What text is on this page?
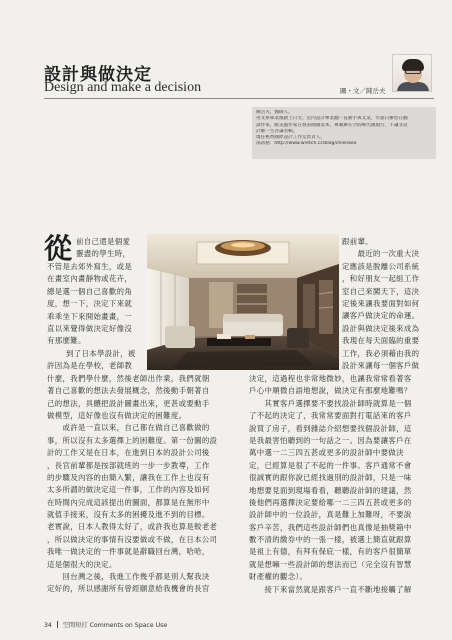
設計與做決定
Design and make a decision	圖・文／陳岳夫
陳岳夫，醫師人。
英文系畢業後踏上日文、室內設計專業翻一直動手與文業，年旅日辦您在翻
譯作家，歐美風作家在發表國國基本，專載舞在空間專出國現行，不讓非設
計師一生評論者輯。
現任桃香國際設計工作室負責人。
部落格：http://www.wretch.cc/blog/chienkeo
從 前自己還是個愛
靈盡的學生時，
不管是去郊外寫生，或是
在畫室內畫靜物或花卉，
總是選一個自己喜歡的角
度，想一下，決定下來就
乖乖坐下來開始畫畫，一
直以來覺得做決定好像沒
有那麼難。
到了日本學設計，被
許因為是在學校，老師教
什麼，我們學什麼，然後老師出作業，我們就朝
著自己喜歡的想法去發展概念，然後動手朝著自
己的想法，具體把設計圖畫出來，更甚或要動手
做模型，這好像也沒有做決定的困難度。
　　或許是一直以來，自己都在做自己喜歡做的
事，所以沒有太多選擇上的困難度。第一份圖的設
計的工作又是在日本，在進到日本的設計公司後
，長官前輩都是按部就班的一步一步教導，工作
的步驟及內容的由簡入繁，讓我在工作上也沒有
太多所謂的做決定這一件事，工作的內容及如何
在時間內完成這該提出的圖面，都算是在無形中
就值手接來，沒有太多的困擾及進不到的目標。
老實說，日本人教得太好了，或許我也算是較老老
，所以做決定的事情有沒要做或不做，在日本公司
我唯一做決定的一件事就是辭職回台灣，哈哈，
這是個很大的決定。
　　回台灣之後，我進工作幾乎都是別人幫我決
定好的，所以感謝所有曾經願意給我機會的長官
跟前輩。
　　最近的一次重大決
定應該是脫離公司系統
，和好朋友一起組工作
室自己來闖天下，這決
定後來讓我要面對如何
讓客戶做決定的命運。
設計與做決定後來成為
我現在每天面臨的重要
工作，我必須藉由我的
設計來讓每一個客戶做
決定，這過程也非常地微妙，也讓我常常看著客
戶心中順微自語地想說，做決定有那麼地難嗎？
　　其實客戶選擇要不要找設計師時就算是一個
了不起的決定了，我常常要面對打電話來的客戶
說買了房子，看到雜誌介紹想要找個設計師，這
是我最害怕聽到的一句話之一。因為要讓客戶在
萬中選一二三四五甚或更多的設計師中要做決
定，已經算是很了不起的一件事。客戶通常不會
很誠實的跟你說已經找過別的設計師，只是一味
地想要見面到現場看看，聽聽設計師的建議，然
後他們再選擇決定要給哪一二三四五甚或更多的
設計師中的一位設計，真是難上加難呀，不要說
客戶辛苦，我們這些設計師們也真像是抽獎箱中
數不清的繳券中的一張一樣，被選上簡直就跟算
是祖上有德，有拜有保庇一樣，有的客戶很簡單
就是想嘛一些設計師的想法而已（完全沒有智慧
財產權的觀念）。
　　接下來當然就是跟客戶一直不斷地接觸了解
34 空間短打 Comments on Space Use
